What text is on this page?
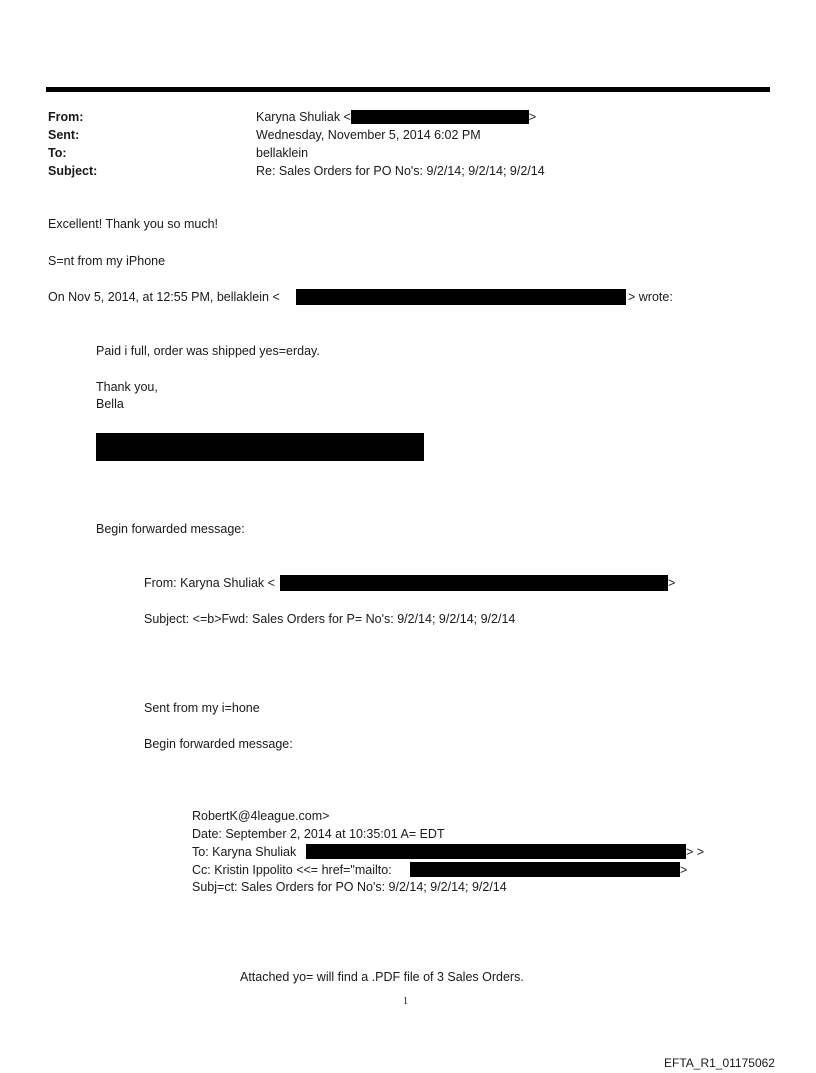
From:	Karyna Shuliak <	>
Sent:	Wednesday, November 5, 2014 6:02 PM
To:	bellaklein
Subject:	Re: Sales Orders for PO No's: 9/2/14; 9/2/14; 9/2/14
Excellent! Thank you so much!
S=nt from my iPhone
On Nov 5, 2014, at 12:55 PM, bellaklein <	> wrote:
Paid i full, order was shipped yes=erday.
Thank you,
Bella
Begin forwarded message:
From: Karyna Shuliak <	>
Subject: <=b>Fwd: Sales Orders for P= No's: 9/2/14; 9/2/14; 9/2/14
Sent from my i=hone
Begin forwarded message:
RobertK@4league.com>
Date: September 2, 2014 at 10:35:01 A= EDT
To: Karyna Shuliak	> >
Cc: Kristin Ippolito <<= href="mailto:	>
Subj=ct: Sales Orders for PO No's: 9/2/14; 9/2/14; 9/2/14
Attached yo= will find a .PDF file of 3 Sales Orders.
1
EFTA_R1_01175062
